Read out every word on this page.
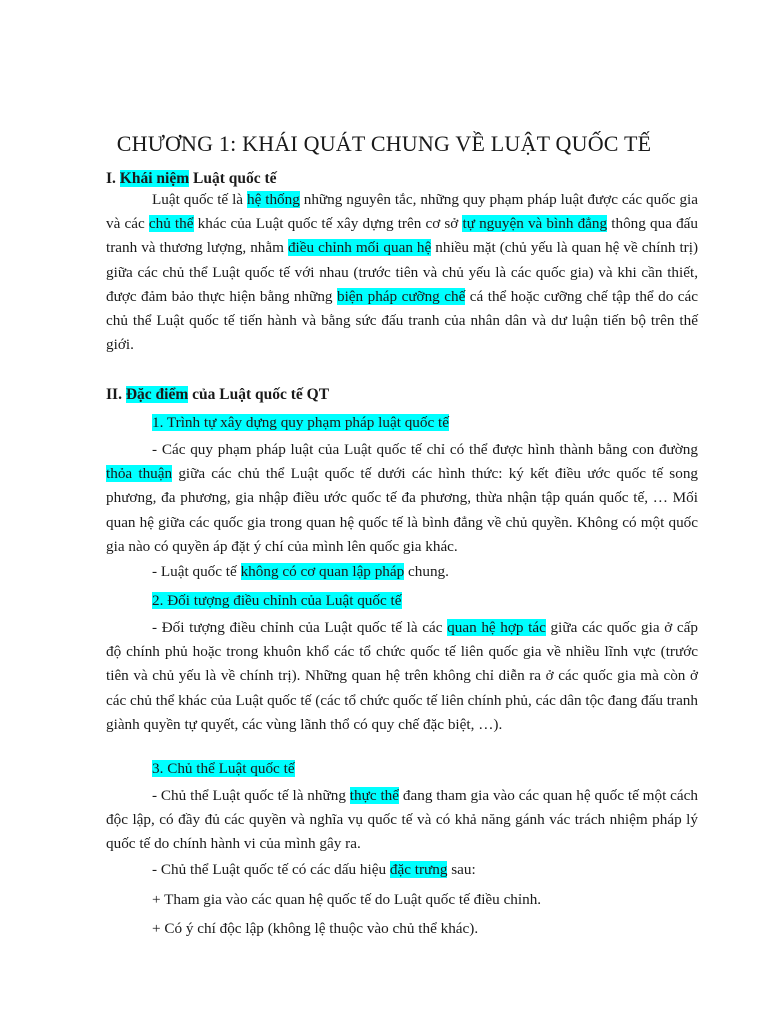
CHƯƠNG 1: KHÁI QUÁT CHUNG VỀ LUẬT QUỐC TẾ

I. Khái niệm Luật quốc tế

Luật quốc tế là hệ thống những nguyên tắc, những quy phạm pháp luật được các quốc gia và các chủ thể khác của Luật quốc tế xây dựng trên cơ sở tự nguyện và bình đẳng thông qua đấu tranh và thương lượng, nhằm điều chỉnh mối quan hệ nhiều mặt (chủ yếu là quan hệ về chính trị) giữa các chủ thể Luật quốc tế với nhau (trước tiên và chủ yếu là các quốc gia) và khi cần thiết, được đảm bảo thực hiện bằng những biện pháp cưỡng chế cá thể hoặc cưỡng chế tập thể do các chủ thể Luật quốc tế tiến hành và bằng sức đấu tranh của nhân dân và dư luận tiến bộ trên thế giới.

II. Đặc điểm của Luật quốc tế QT

1. Trình tự xây dựng quy phạm pháp luật quốc tế

- Các quy phạm pháp luật của Luật quốc tế chỉ có thể được hình thành bằng con đường thỏa thuận giữa các chủ thể Luật quốc tế dưới các hình thức: ký kết điều ước quốc tế song phương, đa phương, gia nhập điều ước quốc tế đa phương, thừa nhận tập quán quốc tế, … Mối quan hệ giữa các quốc gia trong quan hệ quốc tế là bình đẳng về chủ quyền. Không có một quốc gia nào có quyền áp đặt ý chí của mình lên quốc gia khác.

- Luật quốc tế không có cơ quan lập pháp chung.

2. Đối tượng điều chỉnh của Luật quốc tế

- Đối tượng điều chỉnh của Luật quốc tế là các quan hệ hợp tác giữa các quốc gia ở cấp độ chính phủ hoặc trong khuôn khổ các tổ chức quốc tế liên quốc gia về nhiều lĩnh vực (trước tiên và chủ yếu là về chính trị). Những quan hệ trên không chỉ diễn ra ở các quốc gia mà còn ở các chủ thể khác của Luật quốc tế (các tổ chức quốc tế liên chính phủ, các dân tộc đang đấu tranh giành quyền tự quyết, các vùng lãnh thổ có quy chế đặc biệt, …).

3. Chủ thể Luật quốc tế

- Chủ thể Luật quốc tế là những thực thể đang tham gia vào các quan hệ quốc tế một cách độc lập, có đầy đủ các quyền và nghĩa vụ quốc tế và có khả năng gánh vác trách nhiệm pháp lý quốc tế do chính hành vi của mình gây ra.

- Chủ thể Luật quốc tế có các dấu hiệu đặc trưng sau:

+ Tham gia vào các quan hệ quốc tế do Luật quốc tế điều chỉnh.

+ Có ý chí độc lập (không lệ thuộc vào chủ thể khác).
